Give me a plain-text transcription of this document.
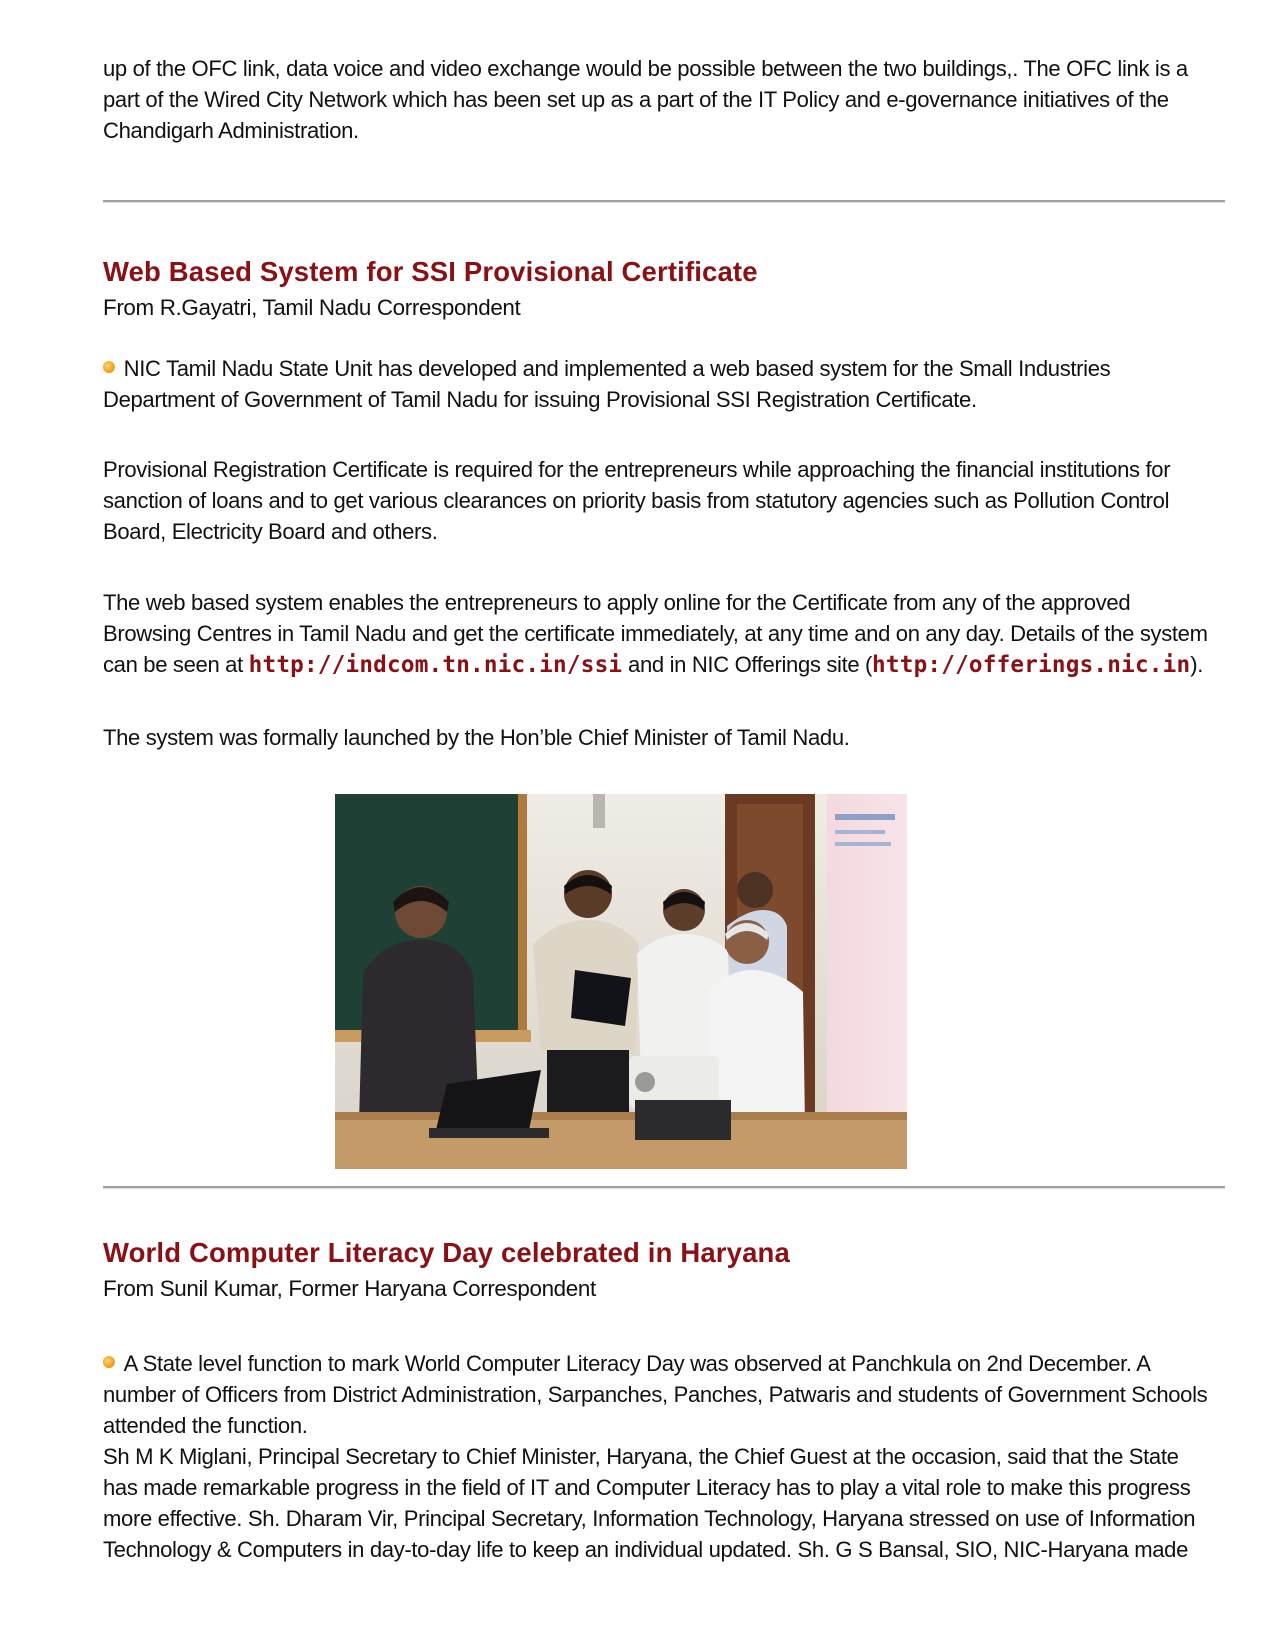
up of the OFC link, data voice and video exchange would be possible between the two buildings,. The OFC link is a part of the Wired City Network which has been set up as a part of the IT Policy and e-governance initiatives of the Chandigarh Administration.

Web Based System for SSI Provisional Certificate
From R.Gayatri, Tamil Nadu Correspondent

NIC Tamil Nadu State Unit has developed and implemented a web based system for the Small Industries Department of Government of Tamil Nadu for issuing Provisional SSI Registration Certificate.

Provisional Registration Certificate is required for the entrepreneurs while approaching the financial institutions for sanction of loans and to get various clearances on priority basis from statutory agencies such as Pollution Control Board, Electricity Board and others.

The web based system enables the entrepreneurs to apply online for the Certificate from any of the approved Browsing Centres in Tamil Nadu and get the certificate immediately, at any time and on any day. Details of the system can be seen at http://indcom.tn.nic.in/ssi and in NIC Offerings site (http://offerings.nic.in).

The system was formally launched by the Hon’ble Chief Minister of Tamil Nadu.

World Computer Literacy Day celebrated in Haryana
From Sunil Kumar, Former Haryana Correspondent

A State level function to mark World Computer Literacy Day was observed at Panchkula on 2nd December. A number of Officers from District Administration, Sarpanches, Panches, Patwaris and students of Government Schools attended the function.
Sh M K Miglani, Principal Secretary to Chief Minister, Haryana, the Chief Guest at the occasion, said that the State has made remarkable progress in the field of IT and Computer Literacy has to play a vital role to make this progress more effective. Sh. Dharam Vir, Principal Secretary, Information Technology, Haryana stressed on use of Information Technology & Computers in day-to-day life to keep an individual updated. Sh. G S Bansal, SIO, NIC-Haryana made
